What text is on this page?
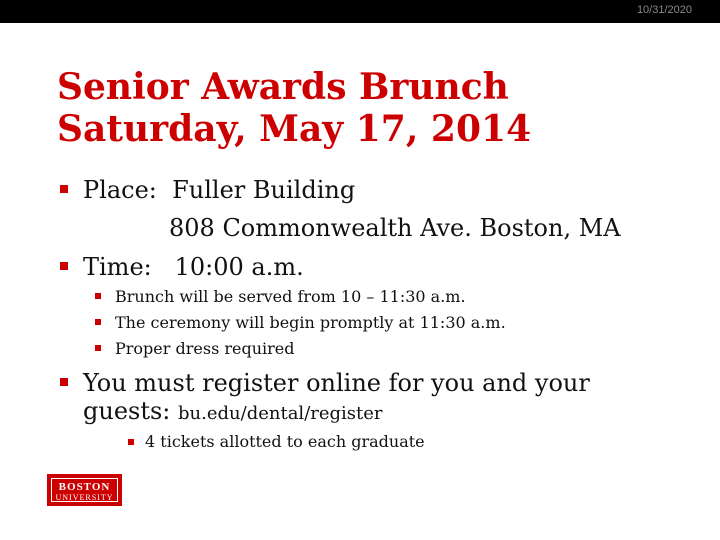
10/31/2020
Senior Awards Brunch
Saturday, May 17, 2014
Place: Fuller Building
808 Commonwealth Ave. Boston, MA
Time: 10:00 a.m.
Brunch will be served from 10 – 11:30 a.m.
The ceremony will begin promptly at 11:30 a.m.
Proper dress required
You must register online for you and your
guests: bu.edu/dental/register
4 tickets allotted to each graduate
BOSTON
UNIVERSITY
